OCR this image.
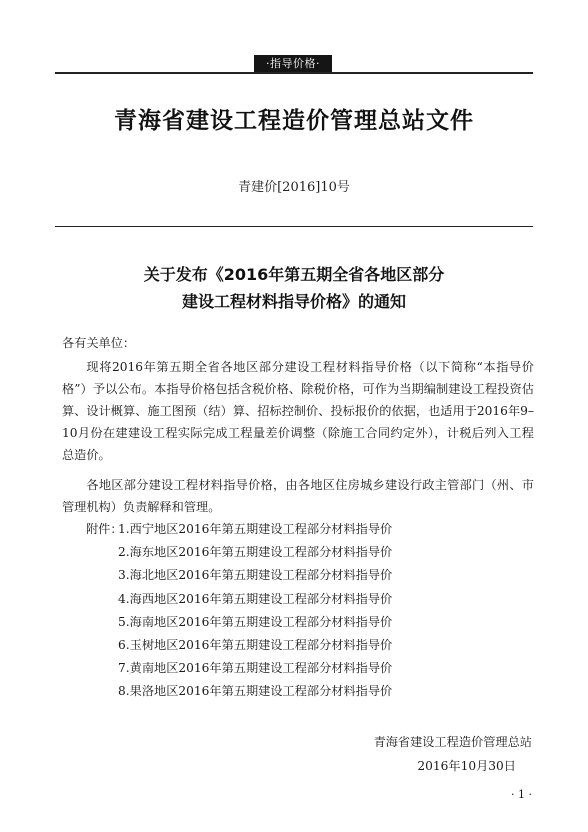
·指导价格·
青海省建设工程造价管理总站文件
青建价[2016]10号
关于发布《2016年第五期全省各地区部分
建设工程材料指导价格》的通知
各有关单位：
现将2016年第五期全省各地区部分建设工程材料指导价格（以下简称“本指导价格”）予以公布。本指导价格包括含税价格、除税价格，可作为当期编制建设工程投资估算、设计概算、施工图预（结）算、招标控制价、投标报价的依据，也适用于2016年9–10月份在建建设工程实际完成工程量差价调整（除施工合同约定外），计税后列入工程总造价。
各地区部分建设工程材料指导价格，由各地区住房城乡建设行政主管部门（州、市管理机构）负责解释和管理。
附件：
1.西宁地区2016年第五期建设工程部分材料指导价
2.海东地区2016年第五期建设工程部分材料指导价
3.海北地区2016年第五期建设工程部分材料指导价
4.海西地区2016年第五期建设工程部分材料指导价
5.海南地区2016年第五期建设工程部分材料指导价
6.玉树地区2016年第五期建设工程部分材料指导价
7.黄南地区2016年第五期建设工程部分材料指导价
8.果洛地区2016年第五期建设工程部分材料指导价
青海省建设工程造价管理总站
2016年10月30日
· 1 ·
